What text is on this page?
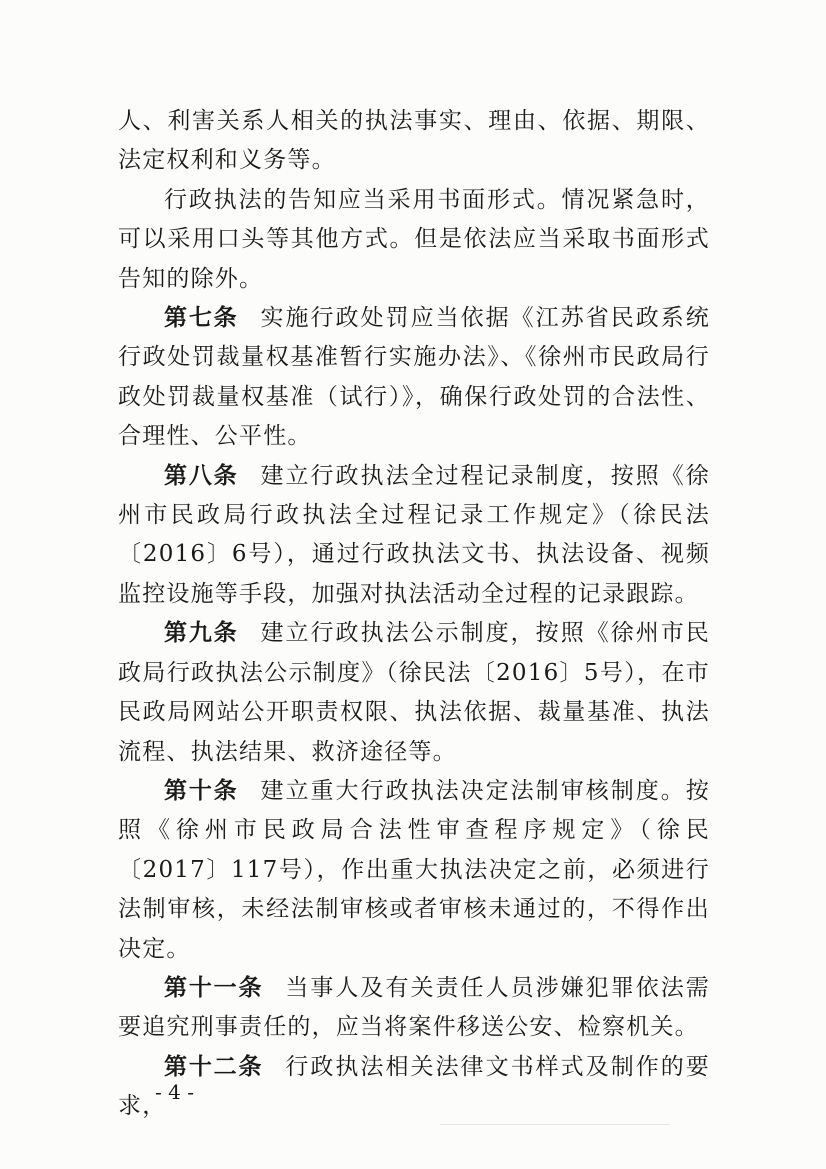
人、利害关系人相关的执法事实、理由、依据、期限、法定权利和义务等。

行政执法的告知应当采用书面形式。情况紧急时，可以采用口头等其他方式。但是依法应当采取书面形式告知的除外。

第七条 实施行政处罚应当依据《江苏省民政系统行政处罚裁量权基准暂行实施办法》、《徐州市民政局行政处罚裁量权基准（试行）》，确保行政处罚的合法性、合理性、公平性。

第八条 建立行政执法全过程记录制度，按照《徐州市民政局行政执法全过程记录工作规定》（徐民法〔2016〕6号），通过行政执法文书、执法设备、视频监控设施等手段，加强对执法活动全过程的记录跟踪。

第九条 建立行政执法公示制度，按照《徐州市民政局行政执法公示制度》（徐民法〔2016〕5号），在市民政局网站公开职责权限、执法依据、裁量基准、执法流程、执法结果、救济途径等。

第十条 建立重大行政执法决定法制审核制度。按照《徐州市民政局合法性审查程序规定》（徐民〔2017〕117号），作出重大执法决定之前，必须进行法制审核，未经法制审核或者审核未通过的，不得作出决定。

第十一条 当事人及有关责任人员涉嫌犯罪依法需要追究刑事责任的，应当将案件移送公安、检察机关。

第十二条 行政执法相关法律文书样式及制作的要求，

- 4 -
